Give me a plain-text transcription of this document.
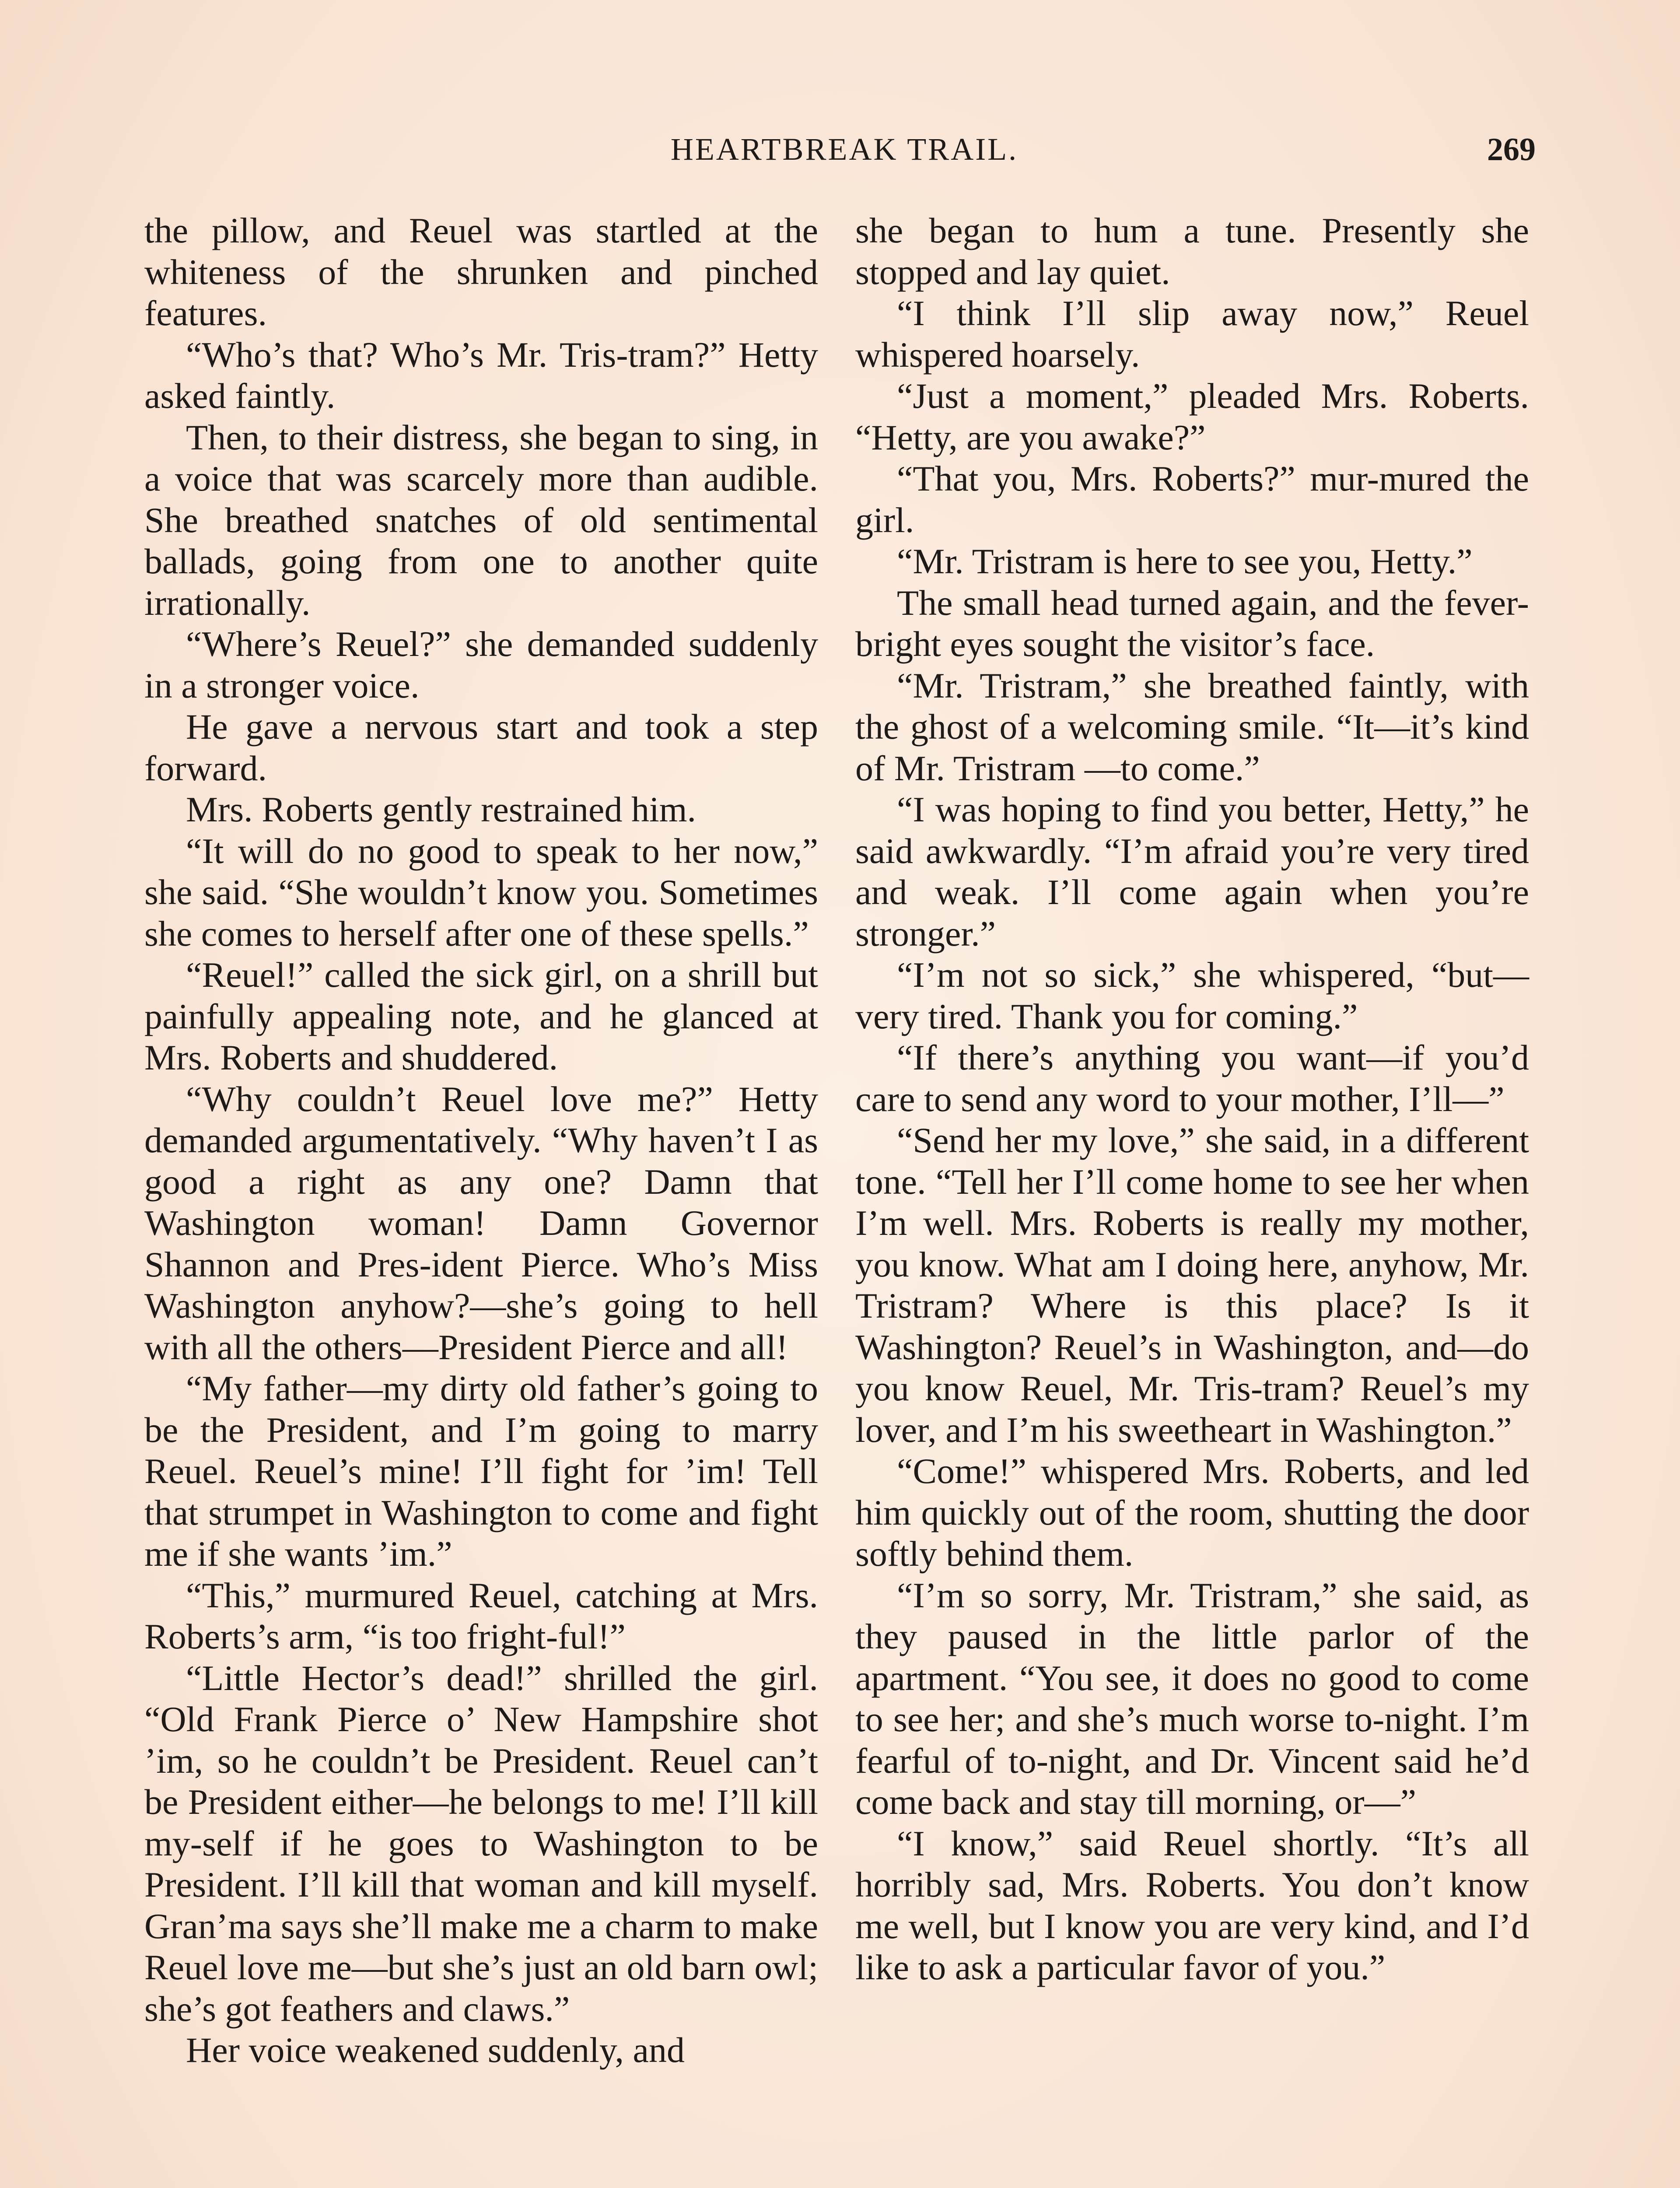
HEARTBREAK TRAIL.	269

the pillow, and Reuel was startled at the whiteness of the shrunken and pinched features.

“Who’s that? Who’s Mr. Tris-tram?” Hetty asked faintly.

Then, to their distress, she began to sing, in a voice that was scarcely more than audible. She breathed snatches of old sentimental ballads, going from one to another quite irrationally.

“Where’s Reuel?” she demanded suddenly in a stronger voice.

He gave a nervous start and took a step forward.

Mrs. Roberts gently restrained him.

“It will do no good to speak to her now,” she said. “She wouldn’t know you. Sometimes she comes to herself after one of these spells.”

“Reuel!” called the sick girl, on a shrill but painfully appealing note, and he glanced at Mrs. Roberts and shuddered.

“Why couldn’t Reuel love me?” Hetty demanded argumentatively. “Why haven’t I as good a right as any one? Damn that Washington woman! Damn Governor Shannon and Pres-ident Pierce. Who’s Miss Washington anyhow?—she’s going to hell with all the others—President Pierce and all!

“My father—my dirty old father’s going to be the President, and I’m going to marry Reuel. Reuel’s mine! I’ll fight for ’im! Tell that strumpet in Washington to come and fight me if she wants ’im.”

“This,” murmured Reuel, catching at Mrs. Roberts’s arm, “is too fright-ful!”

“Little Hector’s dead!” shrilled the girl. “Old Frank Pierce o’ New Hampshire shot ’im, so he couldn’t be President. Reuel can’t be President either—he belongs to me! I’ll kill my-self if he goes to Washington to be President. I’ll kill that woman and kill myself. Gran’ma says she’ll make me a charm to make Reuel love me—but she’s just an old barn owl; she’s got feathers and claws.”

Her voice weakened suddenly, and

she began to hum a tune. Presently she stopped and lay quiet.

“I think I’ll slip away now,” Reuel whispered hoarsely.

“Just a moment,” pleaded Mrs. Roberts. “Hetty, are you awake?”

“That you, Mrs. Roberts?” mur-mured the girl.

“Mr. Tristram is here to see you, Hetty.”

The small head turned again, and the fever-bright eyes sought the visitor’s face.

“Mr. Tristram,” she breathed faintly, with the ghost of a welcoming smile. “It—it’s kind of Mr. Tristram —to come.”

“I was hoping to find you better, Hetty,” he said awkwardly. “I’m afraid you’re very tired and weak. I’ll come again when you’re stronger.”

“I’m not so sick,” she whispered, “but—very tired. Thank you for coming.”

“If there’s anything you want—if you’d care to send any word to your mother, I’ll—”

“Send her my love,” she said, in a different tone. “Tell her I’ll come home to see her when I’m well. Mrs. Roberts is really my mother, you know. What am I doing here, anyhow, Mr. Tristram? Where is this place? Is it Washington? Reuel’s in Washington, and—do you know Reuel, Mr. Tris-tram? Reuel’s my lover, and I’m his sweetheart in Washington.”

“Come!” whispered Mrs. Roberts, and led him quickly out of the room, shutting the door softly behind them.

“I’m so sorry, Mr. Tristram,” she said, as they paused in the little parlor of the apartment. “You see, it does no good to come to see her; and she’s much worse to-night. I’m fearful of to-night, and Dr. Vincent said he’d come back and stay till morning, or—”

“I know,” said Reuel shortly. “It’s all horribly sad, Mrs. Roberts. You don’t know me well, but I know you are very kind, and I’d like to ask a particular favor of you.”
